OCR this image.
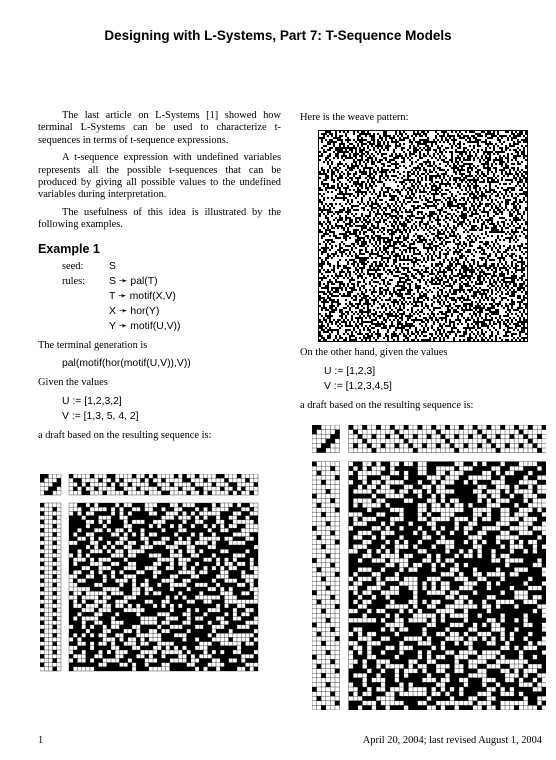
Designing with L-Systems, Part 7: T-Sequence Models

The last article on L-Systems [1] showed how terminal L-Systems can be used to characterize t-sequences in terms of t-sequence expressions.

A t-sequence expression with undefined variables represents all the possible t-sequences that can be produced by giving all possible values to the undefined variables during interpretation.

The usefulness of this idea is illustrated by the following examples.

Example 1
seed: S
rules: S ➛ pal(T)
T ➛ motif(X,V)
X ➛ hor(Y)
Y ➛ motif(U,V))

The terminal generation is

pal(motif(hor(motif(U,V)),V))

Given the values

U := [1,2,3,2]
V := [1,3, 5, 4, 2]

a draft based on the resulting sequence is:

Here is the weave pattern:

On the other hand, given the values

U := [1,2,3]
V := [1,2,3,4,5]

a draft based on the resulting sequence is:

1	April 20, 2004; last revised August 1, 2004
